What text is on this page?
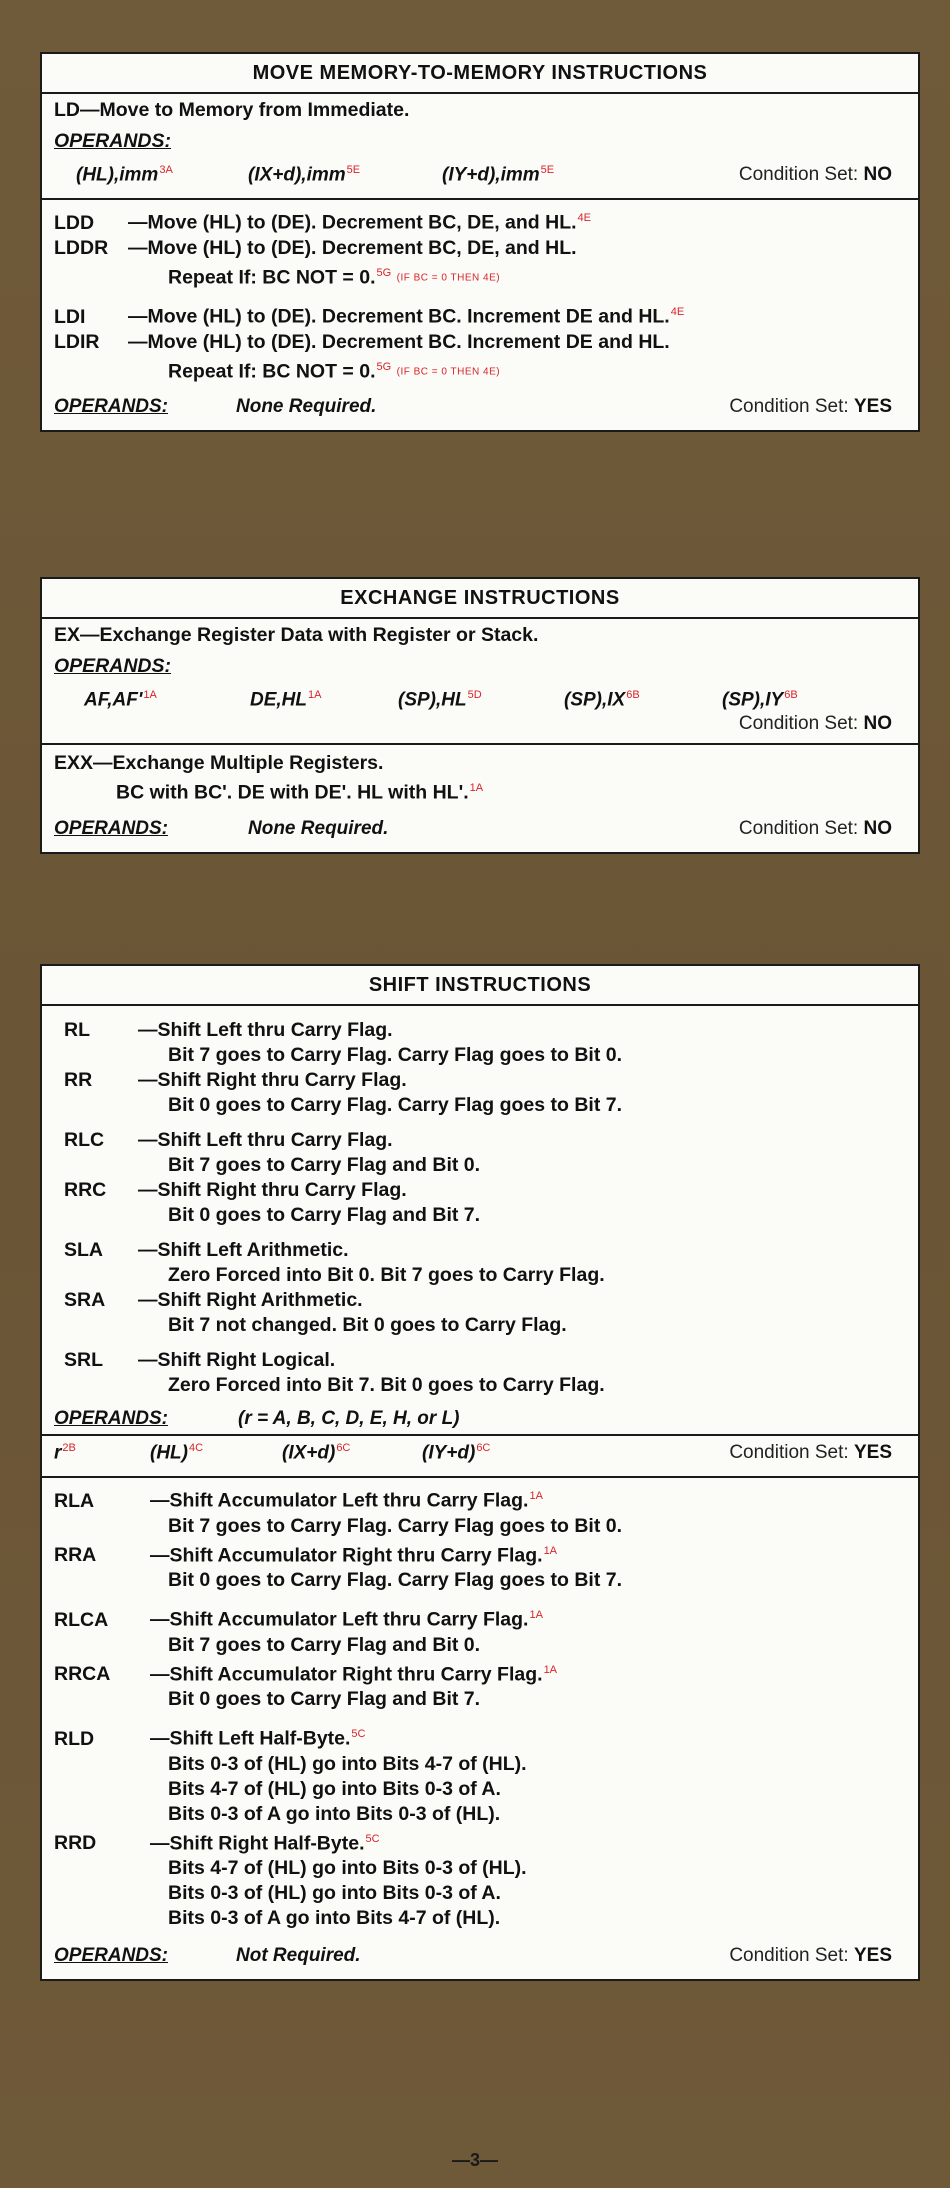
MOVE MEMORY-TO-MEMORY INSTRUCTIONS
LD—Move to Memory from Immediate.
OPERANDS:
(HL),imm$^{3A}$	(IX+d),imm$^{5E}$	(IY+d),imm$^{5E}$	Condition Set: NO
LDD —Move (HL) to (DE). Decrement BC, DE, and HL.$^{4E}$
LDDR —Move (HL) to (DE). Decrement BC, DE, and HL.
Repeat If: BC NOT = 0.$^{5G}$ (IF BC = 0 THEN 4E)
LDI —Move (HL) to (DE). Decrement BC. Increment DE and HL.$^{4E}$
LDIR —Move (HL) to (DE). Decrement BC. Increment DE and HL.
Repeat If: BC NOT = 0.$^{5G}$ (IF BC = 0 THEN 4E)
OPERANDS:	None Required.	Condition Set: YES
EXCHANGE INSTRUCTIONS
EX—Exchange Register Data with Register or Stack.
OPERANDS:
$AF,AF'^{1A}$	$DE,HL^{1A}$	$(SP),HL^{5D}$	$(SP),IX^{6B}$	$(SP),IY^{6B}$
Condition Set: NO
EXX—Exchange Multiple Registers.
BC with BC'. DE with DE'. HL with HL'.$^{1A}$
OPERANDS:	None Required.	Condition Set: NO
SHIFT INSTRUCTIONS
RL —Shift Left thru Carry Flag.
Bit 7 goes to Carry Flag. Carry Flag goes to Bit 0.
RR —Shift Right thru Carry Flag.
Bit 0 goes to Carry Flag. Carry Flag goes to Bit 7.
RLC —Shift Left thru Carry Flag.
Bit 7 goes to Carry Flag and Bit 0.
RRC —Shift Right thru Carry Flag.
Bit 0 goes to Carry Flag and Bit 7.
SLA —Shift Left Arithmetic.
Zero Forced into Bit 0. Bit 7 goes to Carry Flag.
SRA —Shift Right Arithmetic.
Bit 7 not changed. Bit 0 goes to Carry Flag.
SRL —Shift Right Logical.
Zero Forced into Bit 7. Bit 0 goes to Carry Flag.
OPERANDS:	(r = A, B, C, D, E, H, or L)
$r^{2B}$	(HL)$^{4C}$	$(IX+d)^{6C}$	$(IY+d)^{6C}$	Condition Set: YES
RLA	—Shift Accumulator Left thru Carry Flag.$^{1A}$
Bit 7 goes to Carry Flag. Carry Flag goes to Bit 0.
RRA	—Shift Accumulator Right thru Carry Flag.$^{1A}$
Bit 0 goes to Carry Flag. Carry Flag goes to Bit 7.
RLCA —Shift Accumulator Left thru Carry Flag.$^{1A}$
Bit 7 goes to Carry Flag and Bit 0.
RRCA —Shift Accumulator Right thru Carry Flag.$^{1A}$
Bit 0 goes to Carry Flag and Bit 7.
RLD	—Shift Left Half-Byte.$^{5C}$
Bits 0-3 of (HL) go into Bits 4-7 of (HL).
Bits 4-7 of (HL) go into Bits 0-3 of A.
Bits 0-3 of A go into Bits 0-3 of (HL).
RRD	—Shift Right Half-Byte.$^{5C}$
Bits 4-7 of (HL) go into Bits 0-3 of (HL).
Bits 0-3 of (HL) go into Bits 0-3 of A.
Bits 0-3 of A go into Bits 4-7 of (HL).
OPERANDS:	Not Required.	Condition Set: YES
—3—
